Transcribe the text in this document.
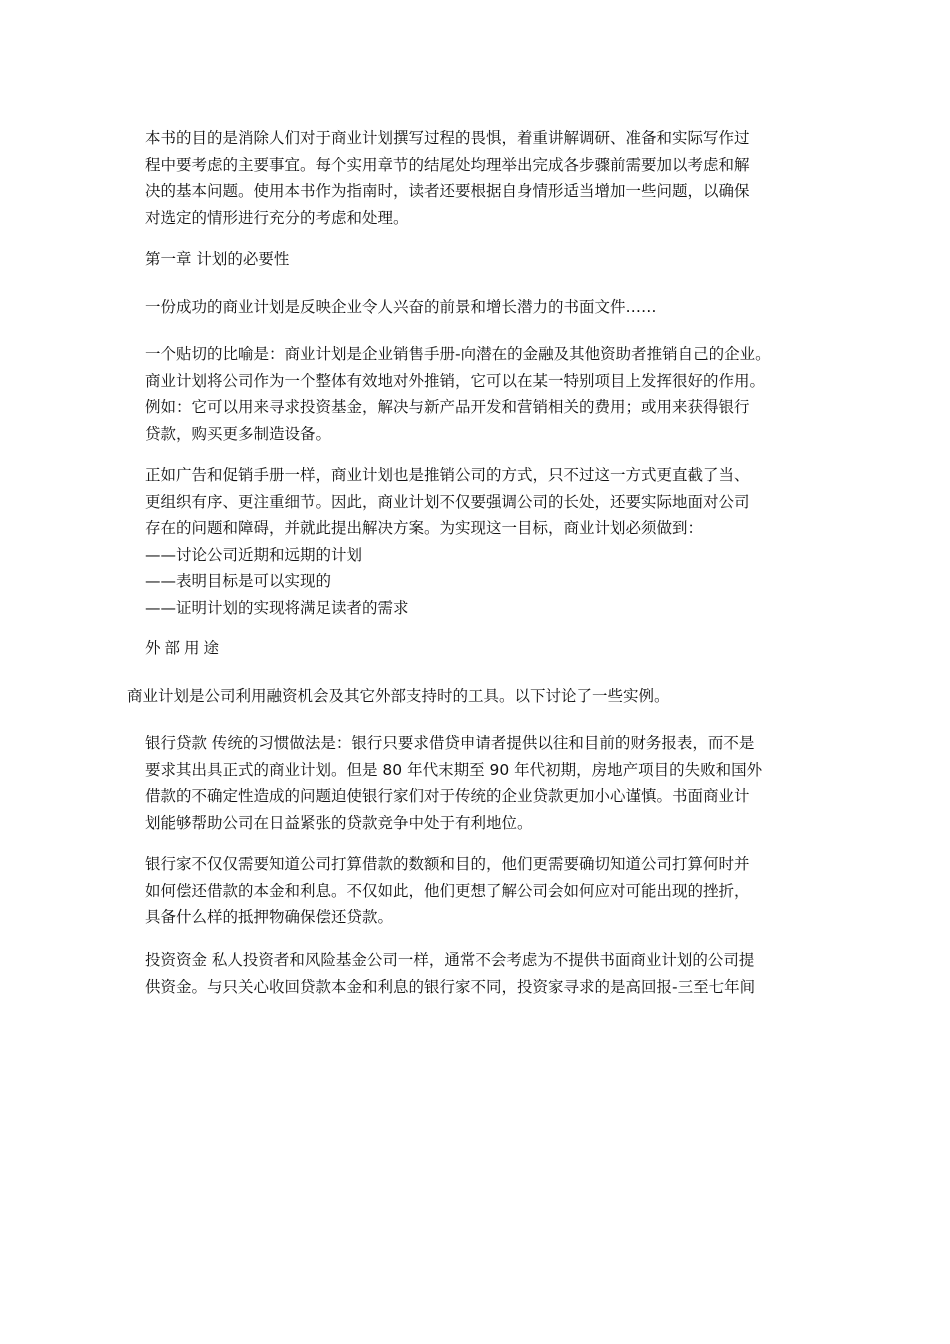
本书的目的是消除人们对于商业计划撰写过程的畏惧，着重讲解调研、准备和实际写作过
程中要考虑的主要事宜。每个实用章节的结尾处均理举出完成各步骤前需要加以考虑和解
决的基本问题。使用本书作为指南时，读者还要根据自身情形适当增加一些问题，以确保
对选定的情形进行充分的考虑和处理。

第一章 计划的必要性

一份成功的商业计划是反映企业令人兴奋的前景和增长潜力的书面文件……

一个贴切的比喻是：商业计划是企业销售手册-向潜在的金融及其他资助者推销自己的企业。
商业计划将公司作为一个整体有效地对外推销，它可以在某一特别项目上发挥很好的作用。
例如：它可以用来寻求投资基金，解决与新产品开发和营销相关的费用；或用来获得银行
贷款，购买更多制造设备。

正如广告和促销手册一样，商业计划也是推销公司的方式，只不过这一方式更直截了当、
更组织有序、更注重细节。因此，商业计划不仅要强调公司的长处，还要实际地面对公司
存在的问题和障碍，并就此提出解决方案。为实现这一目标，商业计划必须做到：
——讨论公司近期和远期的计划
——表明目标是可以实现的
——证明计划的实现将满足读者的需求

外部用途

商业计划是公司利用融资机会及其它外部支持时的工具。以下讨论了一些实例。

银行贷款 传统的习惯做法是：银行只要求借贷申请者提供以往和目前的财务报表，而不是
要求其出具正式的商业计划。但是 80 年代末期至 90 年代初期，房地产项目的失败和国外
借款的不确定性造成的问题迫使银行家们对于传统的企业贷款更加小心谨慎。书面商业计
划能够帮助公司在日益紧张的贷款竞争中处于有利地位。

银行家不仅仅需要知道公司打算借款的数额和目的，他们更需要确切知道公司打算何时并
如何偿还借款的本金和利息。不仅如此，他们更想了解公司会如何应对可能出现的挫折，
具备什么样的抵押物确保偿还贷款。

投资资金 私人投资者和风险基金公司一样，通常不会考虑为不提供书面商业计划的公司提
供资金。与只关心收回贷款本金和利息的银行家不同，投资家寻求的是高回报-三至七年间
